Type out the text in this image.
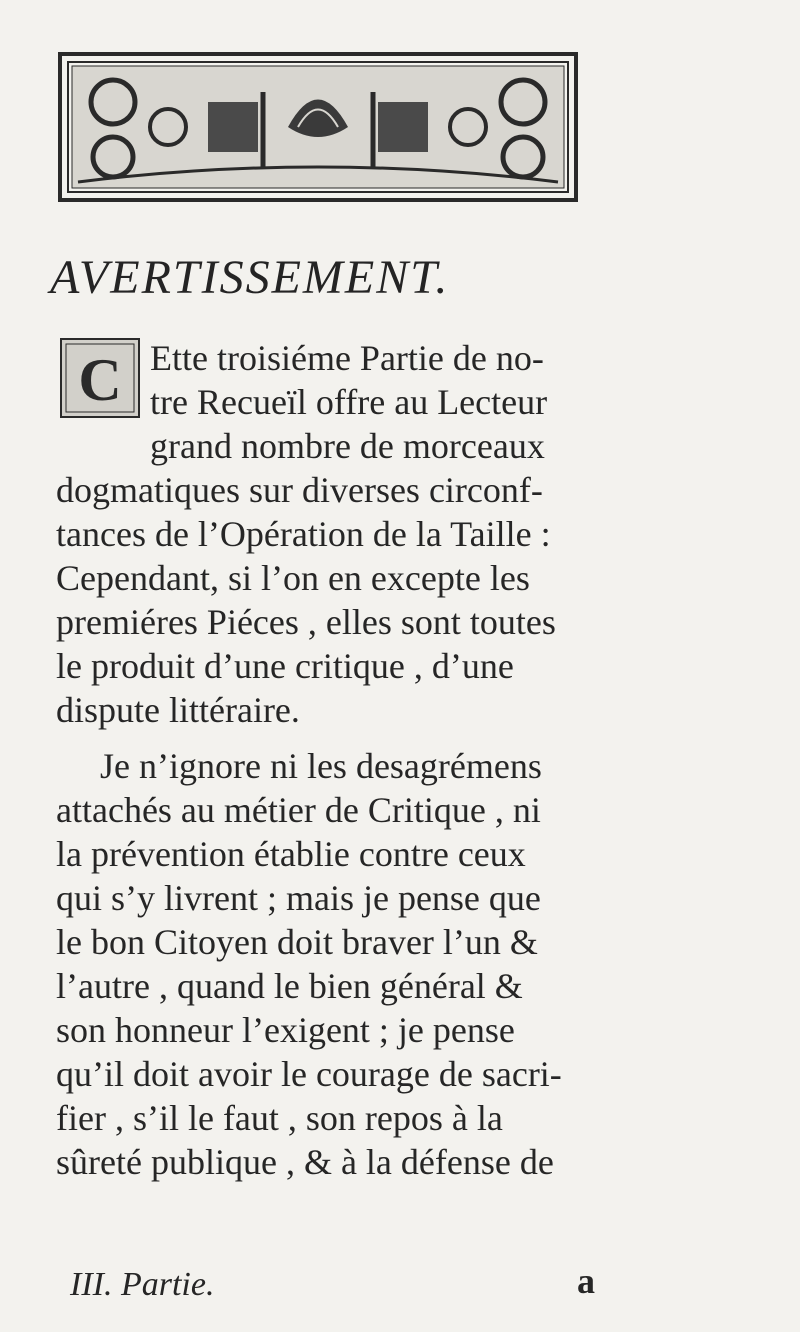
AVERTISSEMENT.
C Ette troisiéme Partie de no-
tre Recueïl offre au Lecteur
grand nombre de morceaux
dogmatiques sur diverses circonf-
tances de l’Opération de la Taille :
Cependant, si l’on en excepte les
premiéres Piéces , elles sont toutes
le produit d’une critique , d’une
dispute littéraire.
Je n’ignore ni les desagrémens
attachés au métier de Critique , ni
la prévention établie contre ceux
qui s’y livrent ; mais je pense que
le bon Citoyen doit braver l’un &
l’autre , quand le bien général &
son honneur l’exigent ; je pense
qu’il doit avoir le courage de sacri-
fier , s’il le faut , son repos à la
sûreté publique , & à la défense de
III. Partie.	a
